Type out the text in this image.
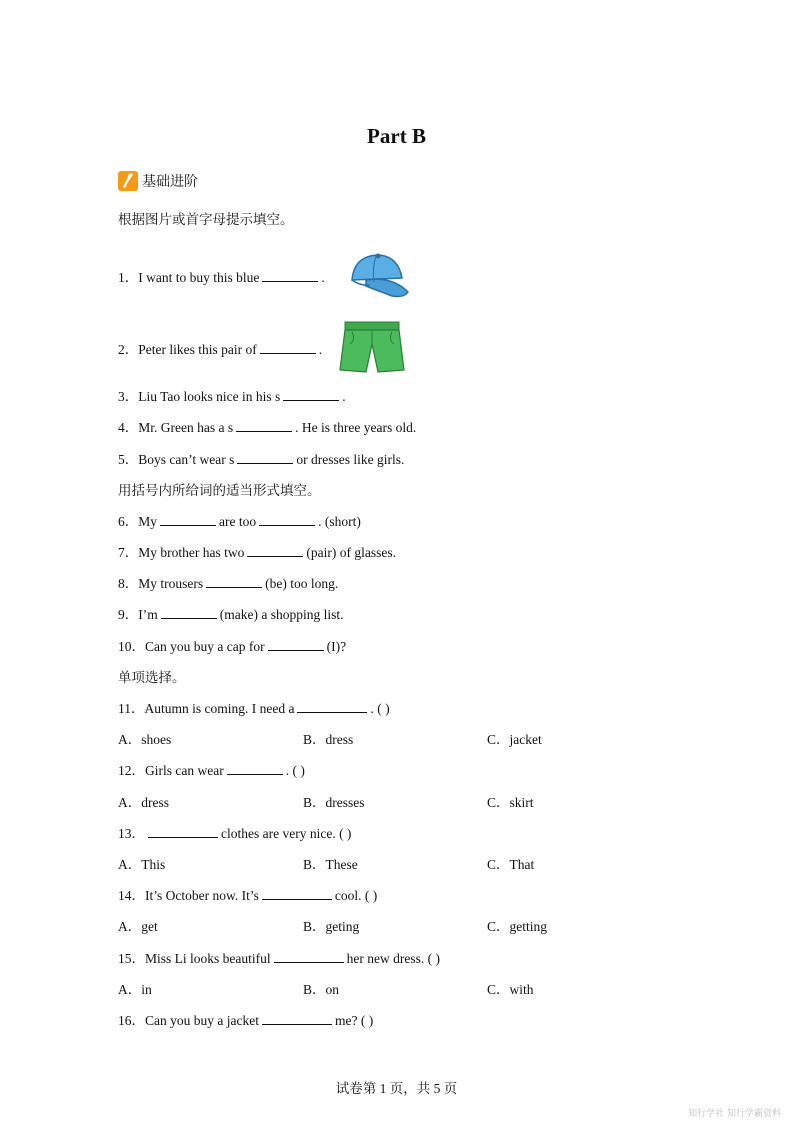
Part B
基础进阶
根据图片或首字母提示填空。
1．I want to buy this blue	.
2．Peter likes this pair of	.
3．Liu Tao looks nice in his s	.
4．Mr. Green has a s	. He is three years old.
5．Boys can’t wear s	or dresses like girls.
用括号内所给词的适当形式填空。
6．My	are too	. (short)
7．My brother has two	(pair) of glasses.
8．My trousers	(be) too long.
9．I’m	(make) a shopping list.
10．Can you buy a cap for	(I)?
单项选择。
11．Autumn is coming. I need a	. ( )
A．shoes	B．dress	C．jacket
12．Girls can wear	. ( )
A．dress	B．dresses	C．skirt
13．	clothes are very nice. ( )
A．This	B．These	C．That
14．It’s October now. It’s	cool. ( )
A．get	B．geting	C．getting
15．Miss Li looks beautiful	her new dress. ( )
A．in	B．on	C．with
16．Can you buy a jacket	me? ( )
试卷第 1 页，共 5 页
知行学社 知行学霸资料
